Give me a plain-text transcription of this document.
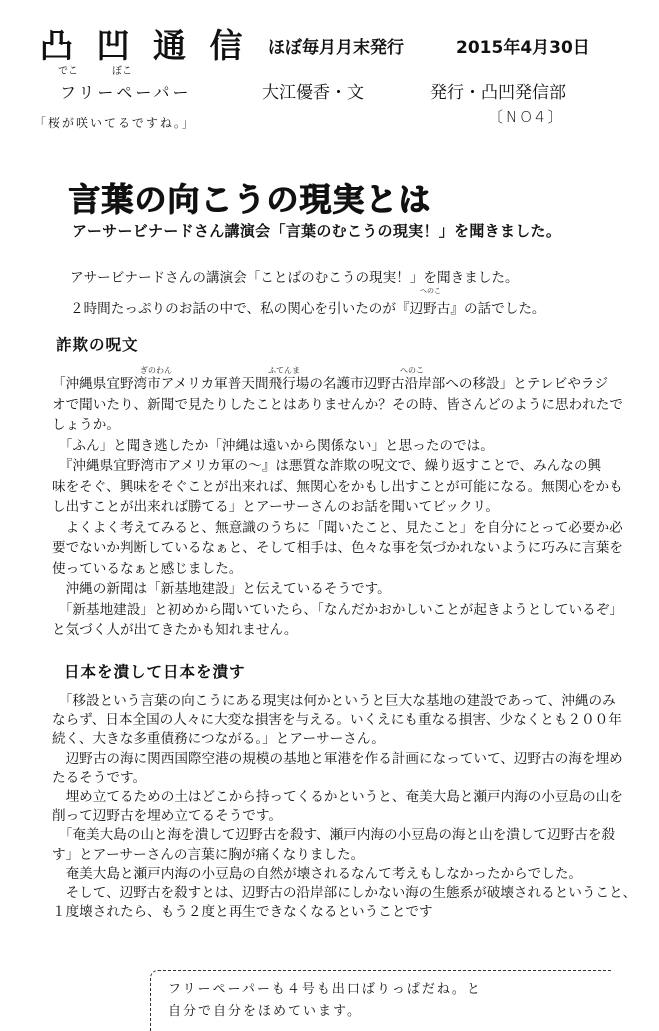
凸 凹 通 信
でこ	ぼこ
ほぼ毎月月末発行	2015年4月30日
フリーペーパー	大江優香・文	発行・凸凹発信部
〔NO4〕
「桜が咲いてるですね。」
言葉の向こうの現実とは
アーサービナードさん講演会「言葉のむこうの現実！」を聞きました。
アサービナードさんの講演会「ことばのむこうの現実！」を聞きました。
へのこ
２時間たっぷりのお話の中で、私の関心を引いたのが『辺野古』の話でした。
詐欺の呪文
ぎのわん	ふてんま	へのこ

「沖縄県宜野湾市アメリカ軍普天間飛行場の名護市辺野古沿岸部への移設」とテレビやラジ

オで聞いたり、新聞で見たりしたことはありませんか？その時、皆さんどのように思われたで

しょうか。

　「ふん」と聞き逃したか「沖縄は遠いから関係ない」と思ったのでは。

　『沖縄県宜野湾市アメリカ軍の〜』は悪質な詐欺の呪文で、繰り返すことで、みんなの興

味をそぐ、興味をそぐことが出来れば、無関心をかもし出すことが可能になる。無関心をかも

し出すことが出来れば勝てる」とアーサーさんのお話を聞いてビックリ。

　よくよく考えてみると、無意識のうちに「聞いたこと、見たこと」を自分にとって必要か必

要でないか判断しているなぁと、そして相手は、色々な事を気づかれないように巧みに言葉を

使っているなぁと感じました。

　沖縄の新聞は「新基地建設」と伝えているそうです。

　「新基地建設」と初めから聞いていたら、「なんだかおかしいことが起きようとしているぞ」

と気づく人が出てきたかも知れません。

日本を潰して日本を潰す

　「移設という言葉の向こうにある現実は何かというと巨大な基地の建設であって、沖縄のみ

ならず、日本全国の人々に大変な損害を与える。いくえにも重なる損害、少なくとも２００年

続く、大きな多重債務につながる。」とアーサーさん。

　辺野古の海に関西国際空港の規模の基地と軍港を作る計画になっていて、辺野古の海を埋め

たるそうです。

　埋め立てるための土はどこから持ってくるかというと、奄美大島と瀬戸内海の小豆島の山を

削って辺野古を埋め立てるそうです。

　「奄美大島の山と海を潰して辺野古を殺す、瀬戸内海の小豆島の海と山を潰して辺野古を殺

す」とアーサーさんの言葉に胸が痛くなりました。

　奄美大島と瀬戸内海の小豆島の自然が壊されるなんて考えもしなかったからでした。

　そして、辺野古を殺すとは、辺野古の沿岸部にしかない海の生態系が破壊されるということ、

１度壊されたら、もう２度と再生できなくなるということです

フリーペーパーも４号も出口ばりっぱだね。と
自分で自分をほめています。
